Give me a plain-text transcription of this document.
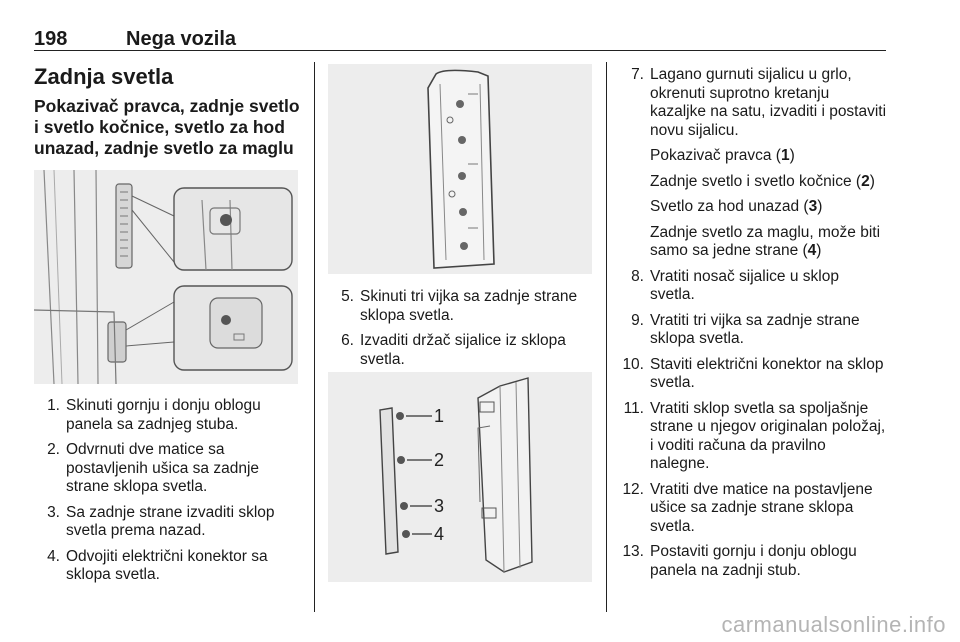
198	Nega vozila
Zadnja svetla
Pokazivač pravca, zadnje svetlo i svetlo kočnice, svetlo za hod unazad, zadnje svetlo za maglu
1. Skinuti gornju i donju oblogu panela sa zadnjeg stuba.
2. Odvrnuti dve matice sa postavljenih ušica sa zadnje strane sklopa svetla.
3. Sa zadnje strane izvaditi sklop svetla prema nazad.
4. Odvojiti električni konektor sa sklopa svetla.
5. Skinuti tri vijka sa zadnje strane sklopa svetla.
6. Izvaditi držač sijalice iz sklopa svetla.
1
2
3
4
7. Lagano gurnuti sijalicu u grlo, okrenuti suprotno kretanju kazaljke na satu, izvaditi i postaviti novu sijalicu.
Pokazivač pravca (1)
Zadnje svetlo i svetlo kočnice (2)
Svetlo za hod unazad (3)
Zadnje svetlo za maglu, može biti samo sa jedne strane (4)
8. Vratiti nosač sijalice u sklop svetla.
9. Vratiti tri vijka sa zadnje strane sklopa svetla.
10. Staviti električni konektor na sklop svetla.
11. Vratiti sklop svetla sa spoljašnje strane u njegov originalan položaj, i voditi računa da pravilno nalegne.
12. Vratiti dve matice na postavljene ušice sa zadnje strane sklopa svetla.
13. Postaviti gornju i donju oblogu panela na zadnji stub.
carmanualsonline.info
